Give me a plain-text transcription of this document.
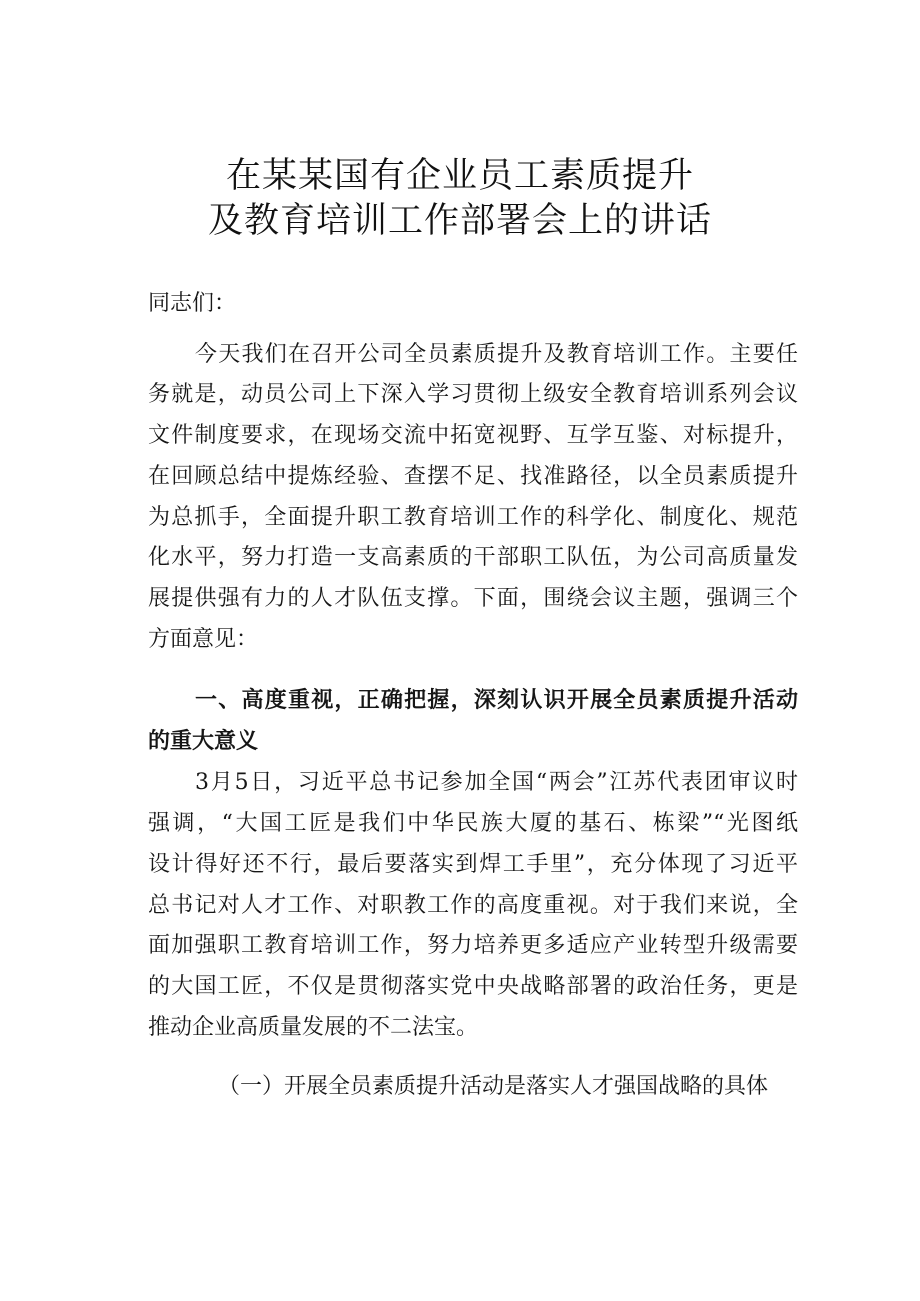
在某某国有企业员工素质提升
及教育培训工作部署会上的讲话
同志们：
今天我们在召开公司全员素质提升及教育培训工作。主要任
务就是，动员公司上下深入学习贯彻上级安全教育培训系列会议
文件制度要求，在现场交流中拓宽视野、互学互鉴、对标提升，
在回顾总结中提炼经验、查摆不足、找准路径，以全员素质提升
为总抓手，全面提升职工教育培训工作的科学化、制度化、规范
化水平，努力打造一支高素质的干部职工队伍，为公司高质量发
展提供强有力的人才队伍支撑。下面，围绕会议主题，强调三个
方面意见：
一、高度重视，正确把握，深刻认识开展全员素质提升活动
的重大意义
3月5日，习近平总书记参加全国“两会”江苏代表团审议时
强调，“大国工匠是我们中华民族大厦的基石、栋梁”“光图纸
设计得好还不行，最后要落实到焊工手里”，充分体现了习近平
总书记对人才工作、对职教工作的高度重视。对于我们来说，全
面加强职工教育培训工作，努力培养更多适应产业转型升级需要
的大国工匠，不仅是贯彻落实党中央战略部署的政治任务，更是
推动企业高质量发展的不二法宝。
（一）开展全员素质提升活动是落实人才强国战略的具体
